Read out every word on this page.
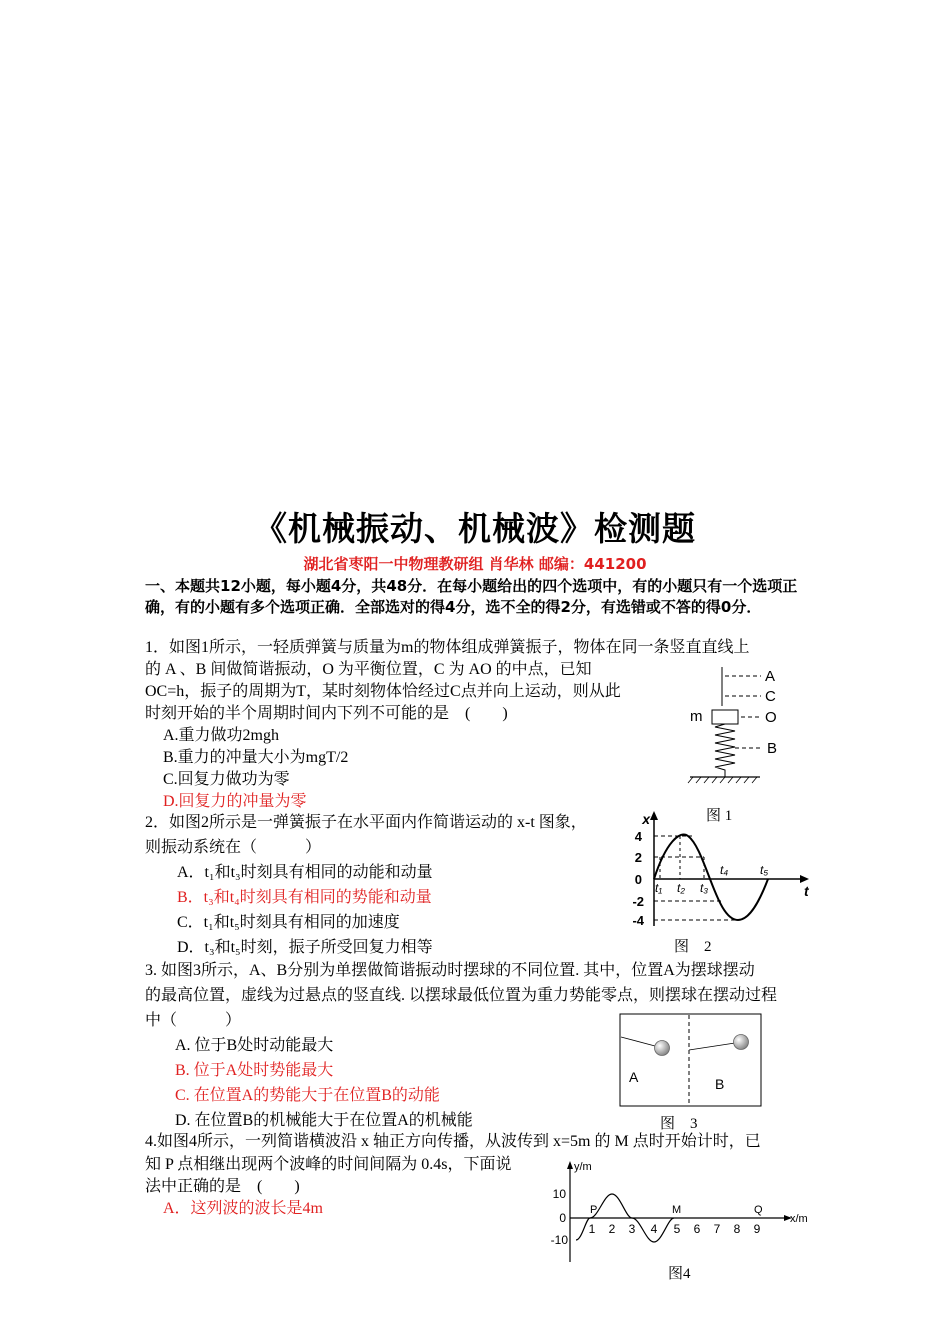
《机械振动、机械波》检测题
湖北省枣阳一中物理教研组 肖华林 邮编：441200
一、本题共12小题，每小题4分，共48分．在每小题给出的四个选项中，有的小题只有一个选项正确，有的小题有多个选项正确．全部选对的得4分，选不全的得2分，有选错或不答的得0分．
1．如图1所示，一轻质弹簧与质量为m的物体组成弹簧振子，物体在同一条竖直直线上
的 A 、B 间做简谐振动，O 为平衡位置，C 为 AO 的中点，已知
OC=h，振子的周期为T，某时刻物体恰经过C点并向上运动，则从此
时刻开始的半个周期时间内下列不可能的是　(　　)
A.重力做功2mgh
B.重力的冲量大小为mgT/2
C.回复力做功为零
D.回复力的冲量为零
A
C
O
B
m
图 1
2．如图2所示是一弹簧振子在水平面内作简谐运动的 x-t 图象，
则振动系统在（　　　）
A．t₁和t₃时刻具有相同的动能和动量
B．t₃和t₄时刻具有相同的势能和动量
C．t₁和t₅时刻具有相同的加速度
D．t₃和t₅时刻，振子所受回复力相等
x
t
4
2
0
-2
-4
t₁ t₂ t₃
t₄	t₅
图　2
3. 如图3所示，A、B分别为单摆做简谐振动时摆球的不同位置. 其中，位置A为摆球摆动
的最高位置，虚线为过悬点的竖直线. 以摆球最低位置为重力势能零点，则摆球在摆动过程
中（　　　）
A. 位于B处时动能最大
B. 位于A处时势能最大
C. 在位置A的势能大于在位置B的动能
D. 在位置B的机械能大于在位置A的机械能
A	B
图　3
4.如图4所示，一列简谐横波沿 x 轴正方向传播，从波传到 x=5m 的 M 点时开始计时，已
知 P 点相继出现两个波峰的时间间隔为 0.4s，下面说
法中正确的是　(　　)
A．这列波的波长是4m
10
0
-10
y/m
x/m
1 2 3 4 5 6 7 8 9
P	M	Q
图4
